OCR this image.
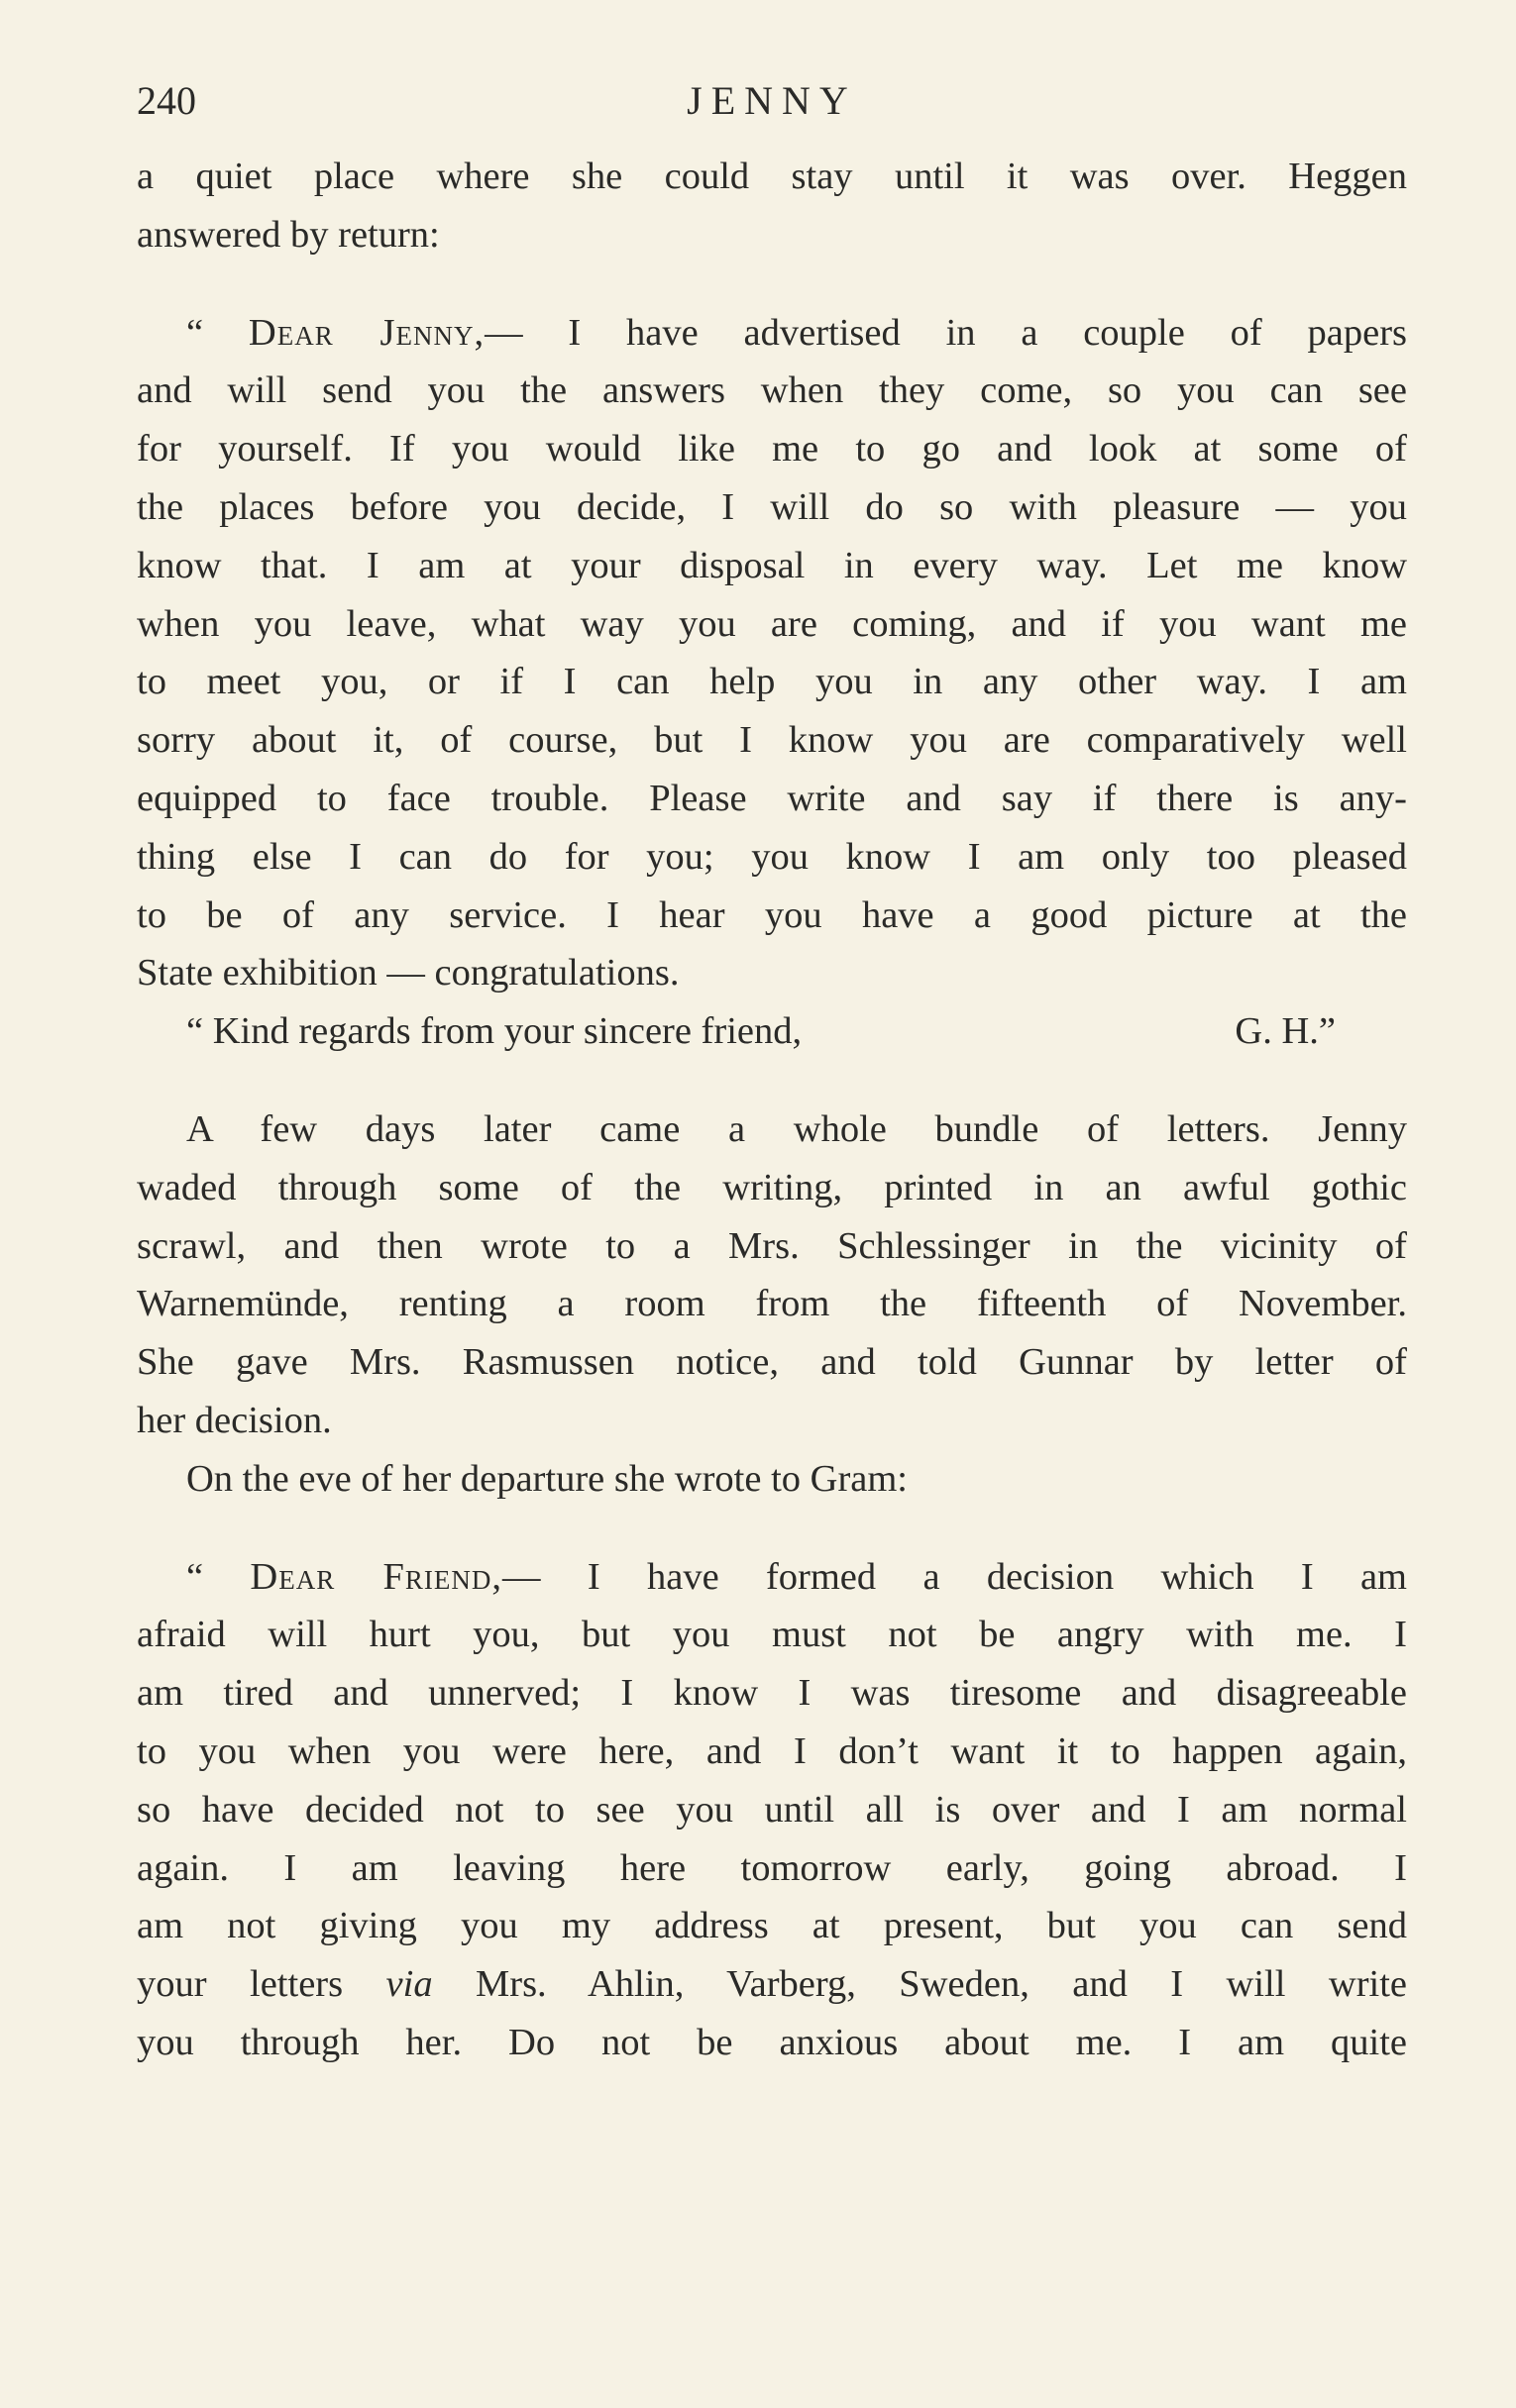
240	JENNY
a quiet place where she could stay until it was over. Heggen
answered by return:
“ Dear Jenny,— I have advertised in a couple of papers
and will send you the answers when they come, so you can see
for yourself. If you would like me to go and look at some of
the places before you decide, I will do so with pleasure — you
know that. I am at your disposal in every way. Let me know
when you leave, what way you are coming, and if you want me
to meet you, or if I can help you in any other way. I am
sorry about it, of course, but I know you are comparatively well
equipped to face trouble. Please write and say if there is any-
thing else I can do for you; you know I am only too pleased
to be of any service. I hear you have a good picture at the
State exhibition — congratulations.
“ Kind regards from your sincere friend,	G. H.”
A few days later came a whole bundle of letters. Jenny
waded through some of the writing, printed in an awful gothic
scrawl, and then wrote to a Mrs. Schlessinger in the vicinity of
Warnemünde, renting a room from the fifteenth of November.
She gave Mrs. Rasmussen notice, and told Gunnar by letter of
her decision.
On the eve of her departure she wrote to Gram:
“ Dear Friend,— I have formed a decision which I am
afraid will hurt you, but you must not be angry with me. I
am tired and unnerved; I know I was tiresome and disagreeable
to you when you were here, and I don’t want it to happen again,
so have decided not to see you until all is over and I am normal
again. I am leaving here tomorrow early, going abroad. I
am not giving you my address at present, but you can send
your letters via Mrs. Ahlin, Varberg, Sweden, and I will write
you through her. Do not be anxious about me. I am quite
